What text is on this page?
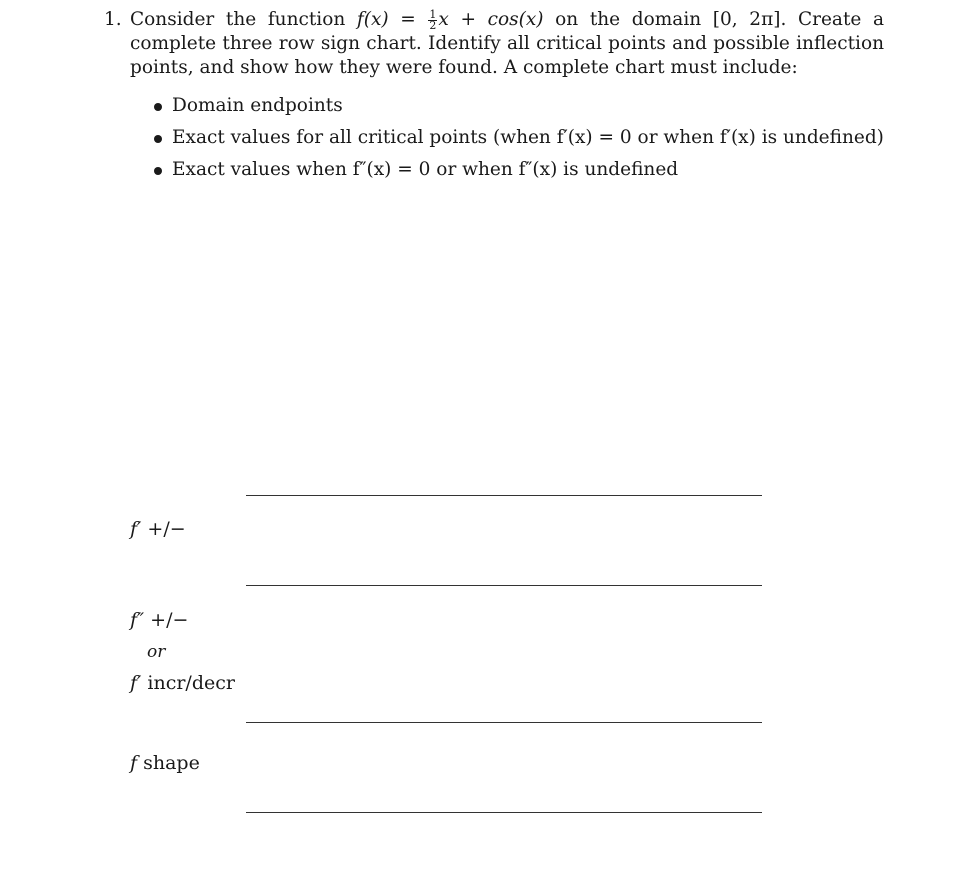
1. Consider the function $f(x) = \frac{1}{2}$ x + cos(x) on the domain [0, 2π]. Create a complete three row sign chart. Identify all critical points and possible inflection points, and show how they were found. A complete chart must include:
Domain endpoints
Exact values for all critical points (when f′(x) = 0 or when f′(x) is undefined)
Exact values when f″(x) = 0 or when f″(x) is undefined
f′ +/−
f″ +/−
or
f′ incr/decr
f shape
